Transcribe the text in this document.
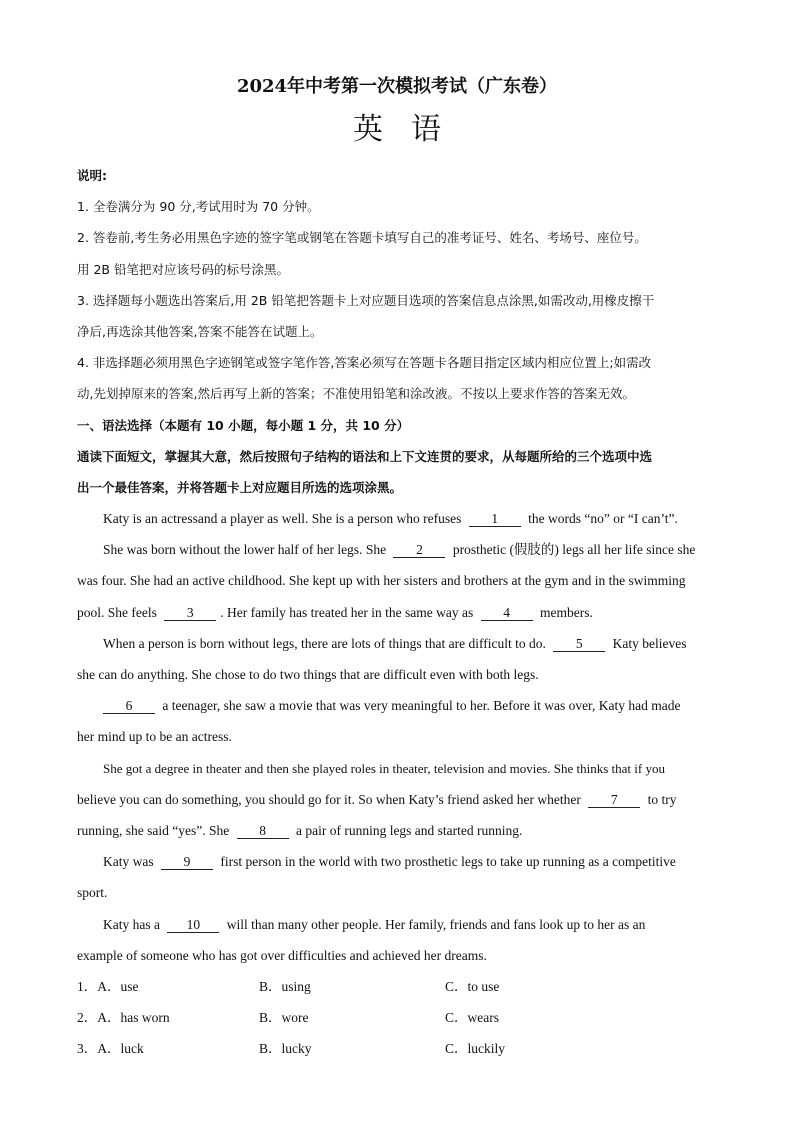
2024年中考第一次模拟考试（广东卷）
英语
说明:
1. 全卷满分为 90 分,考试用时为 70 分钟。
2. 答卷前,考生务必用黑色字迹的签字笔或钢笔在答题卡填写自己的准考证号、姓名、考场号、座位号。
用 2B 铅笔把对应该号码的标号涂黑。
3. 选择题每小题选出答案后,用 2B 铅笔把答题卡上对应题目选项的答案信息点涂黑,如需改动,用橡皮擦干
净后,再选涂其他答案,答案不能答在试题上。
4. 非选择题必须用黑色字迹钢笔或签字笔作答,答案必须写在答题卡各题目指定区域内相应位置上;如需改
动,先划掉原来的答案,然后再写上新的答案；不准使用铅笔和涂改液。不按以上要求作答的答案无效。
一、语法选择（本题有 10 小题，每小题 1 分，共 10 分）
通读下面短文，掌握其大意，然后按照句子结构的语法和上下文连贯的要求，从每题所给的三个选项中选
出一个最佳答案，并将答题卡上对应题目所选的选项涂黑。
Katy is an actressand a player as well. She is a person who refuses 1 the words “no” or “I can’t”.
She was born without the lower half of her legs. She 2 prosthetic (假肢的) legs all her life since she
was four. She had an active childhood. She kept up with her sisters and brothers at the gym and in the swimming
pool. She feels 3 . Her family has treated her in the same way as 4 members.
When a person is born without legs, there are lots of things that are difficult to do. 5 Katy believes
she can do anything. She chose to do two things that are difficult even with both legs.
6 a teenager, she saw a movie that was very meaningful to her. Before it was over, Katy had made
her mind up to be an actress.
She got a degree in theater and then she played roles in theater, television and movies. She thinks that if you
believe you can do something, you should go for it. So when Katy’s friend asked her whether 7 to try
running, she said “yes”. She 8 a pair of running legs and started running.
Katy was 9 first person in the world with two prosthetic legs to take up running as a competitive
sport.
Katy has a 10 will than many other people. Her family, friends and fans look up to her as an
example of someone who has got over difficulties and achieved her dreams.
1．A．use	B．using	C．to use
2．A．has worn	B．wore	C．wears
3．A．luck	B．lucky	C．luckily
